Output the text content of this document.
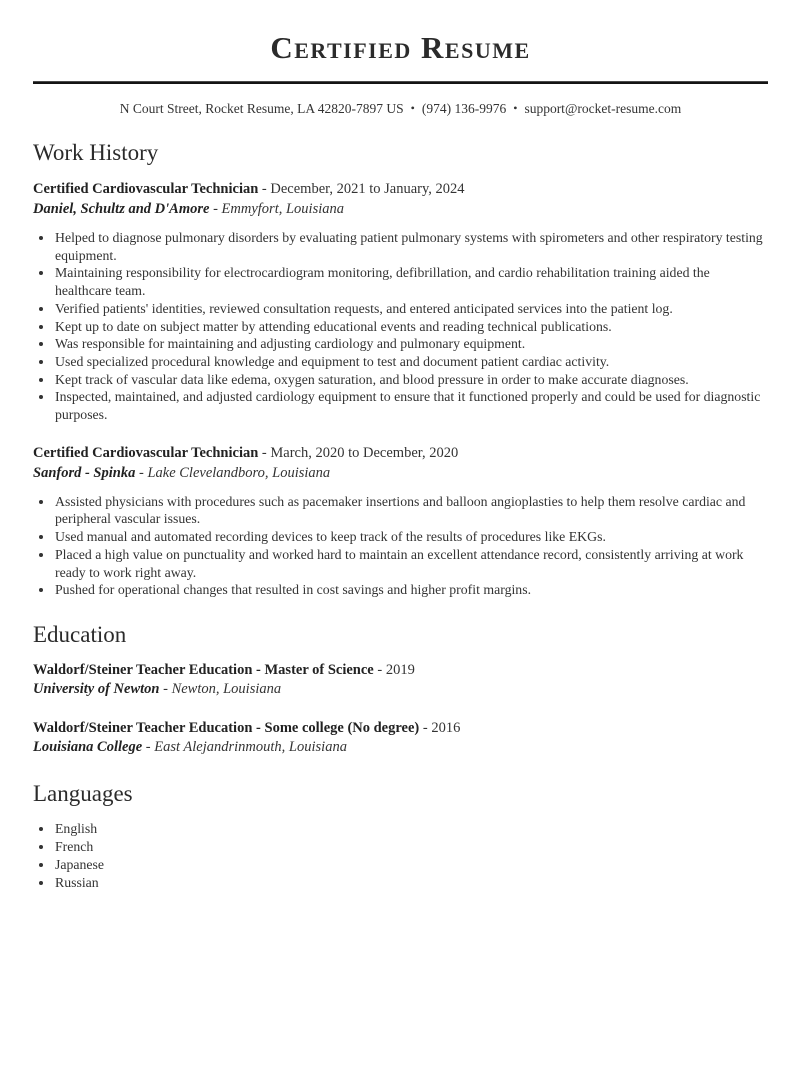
Certified Resume

N Court Street, Rocket Resume, LA 42820-7897 US • (974) 136-9976 • support@rocket-resume.com

Work History

Certified Cardiovascular Technician - December, 2021 to January, 2024

Daniel, Schultz and D'Amore - Emmyfort, Louisiana

• Helped to diagnose pulmonary disorders by evaluating patient pulmonary systems with spirometers and other respiratory testing equipment.
• Maintaining responsibility for electrocardiogram monitoring, defibrillation, and cardio rehabilitation training aided the healthcare team.
• Verified patients' identities, reviewed consultation requests, and entered anticipated services into the patient log.
• Kept up to date on subject matter by attending educational events and reading technical publications.
• Was responsible for maintaining and adjusting cardiology and pulmonary equipment.
• Used specialized procedural knowledge and equipment to test and document patient cardiac activity.
• Kept track of vascular data like edema, oxygen saturation, and blood pressure in order to make accurate diagnoses.
• Inspected, maintained, and adjusted cardiology equipment to ensure that it functioned properly and could be used for diagnostic purposes.

Certified Cardiovascular Technician - March, 2020 to December, 2020

Sanford - Spinka - Lake Clevelandboro, Louisiana

• Assisted physicians with procedures such as pacemaker insertions and balloon angioplasties to help them resolve cardiac and peripheral vascular issues.
• Used manual and automated recording devices to keep track of the results of procedures like EKGs.
• Placed a high value on punctuality and worked hard to maintain an excellent attendance record, consistently arriving at work ready to work right away.
• Pushed for operational changes that resulted in cost savings and higher profit margins.
Education

Waldorf/Steiner Teacher Education - Master of Science - 2019

University of Newton - Newton, Louisiana

Waldorf/Steiner Teacher Education - Some college (No degree) - 2016

Louisiana College - East Alejandrinmouth, Louisiana

Languages
• English
• French
• Japanese
• Russian
